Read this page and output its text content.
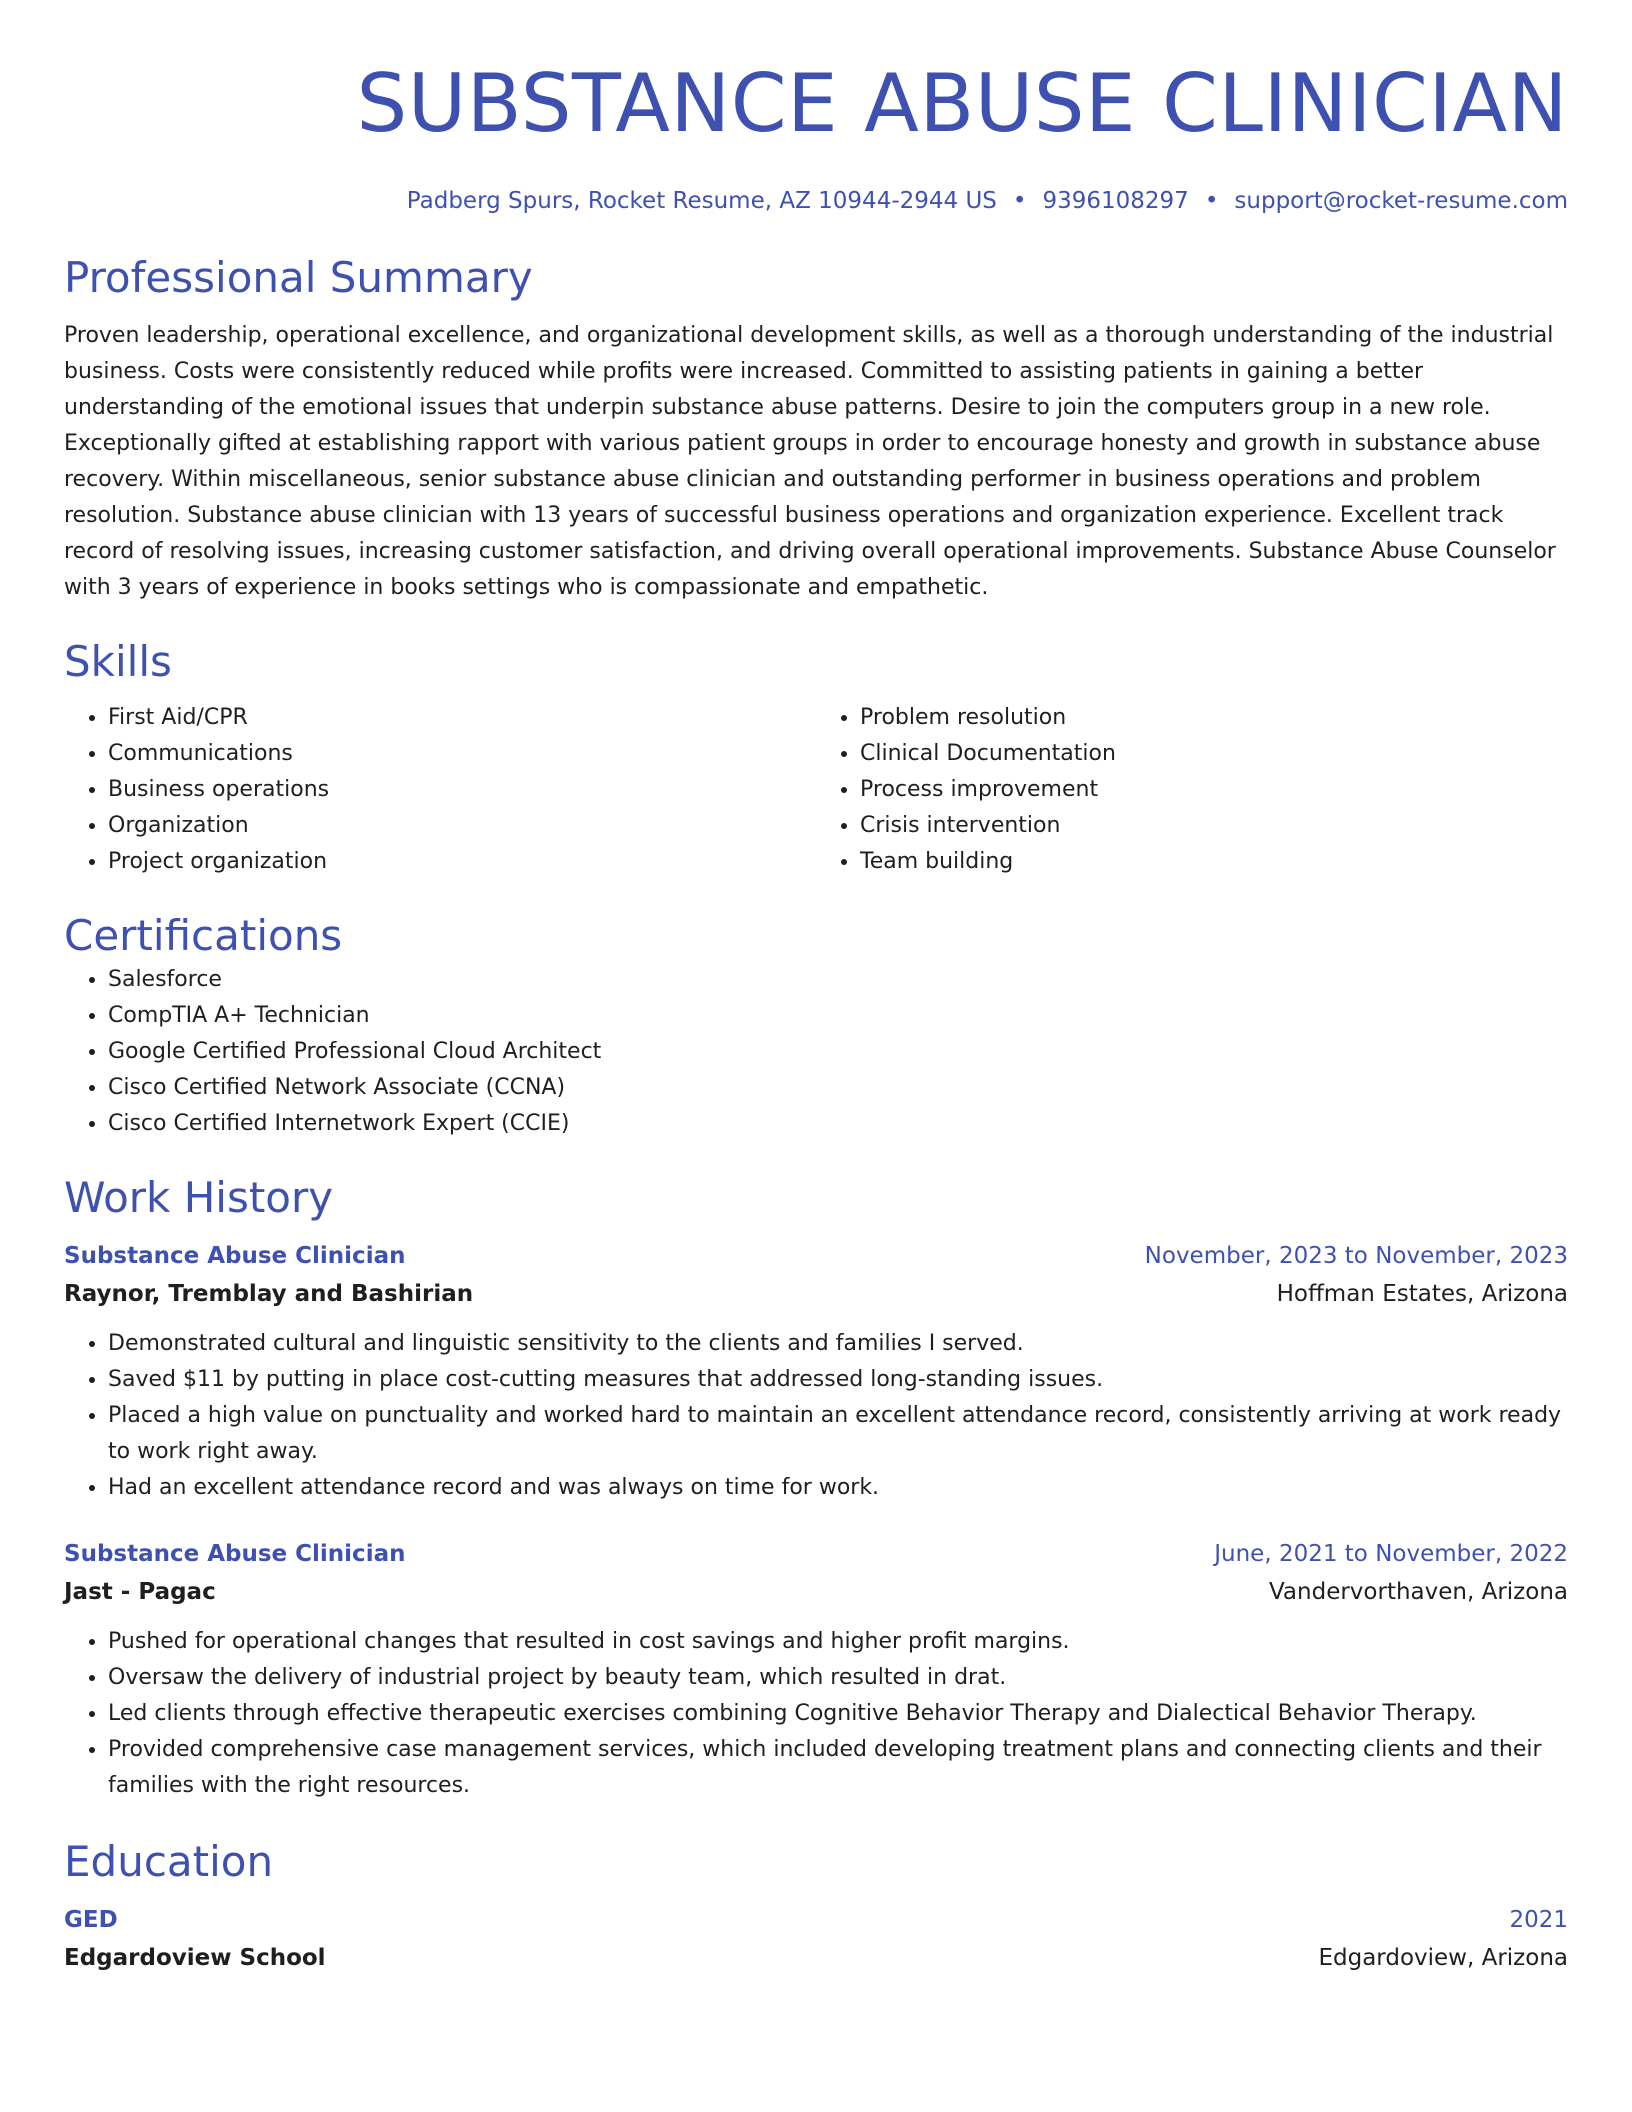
SUBSTANCE ABUSE CLINICIAN
Padberg Spurs, Rocket Resume, AZ 10944-2944 US • 9396108297 • support@rocket-resume.com
Professional Summary
Proven leadership, operational excellence, and organizational development skills, as well as a thorough understanding of the industrial business. Costs were consistently reduced while profits were increased. Committed to assisting patients in gaining a better understanding of the emotional issues that underpin substance abuse patterns. Desire to join the computers group in a new role. Exceptionally gifted at establishing rapport with various patient groups in order to encourage honesty and growth in substance abuse recovery. Within miscellaneous, senior substance abuse clinician and outstanding performer in business operations and problem resolution. Substance abuse clinician with 13 years of successful business operations and organization experience. Excellent track record of resolving issues, increasing customer satisfaction, and driving overall operational improvements. Substance Abuse Counselor with 3 years of experience in books settings who is compassionate and empathetic.
Skills
• First Aid/CPR
• Communications
• Business operations
• Organization
• Project organization
• Problem resolution
• Clinical Documentation
• Process improvement
• Crisis intervention
• Team building
Certifications
• Salesforce
• CompTIA A+ Technician
• Google Certified Professional Cloud Architect
• Cisco Certified Network Associate (CCNA)
• Cisco Certified Internetwork Expert (CCIE)
Work History
Substance Abuse Clinician	November, 2023 to November, 2023
Raynor, Tremblay and Bashirian	Hoffman Estates, Arizona
• Demonstrated cultural and linguistic sensitivity to the clients and families I served.
• Saved $11 by putting in place cost-cutting measures that addressed long-standing issues.
• Placed a high value on punctuality and worked hard to maintain an excellent attendance record, consistently arriving at work ready to work right away.
• Had an excellent attendance record and was always on time for work.
Substance Abuse Clinician	June, 2021 to November, 2022
Jast - Pagac	Vandervorthaven, Arizona
• Pushed for operational changes that resulted in cost savings and higher profit margins.
• Oversaw the delivery of industrial project by beauty team, which resulted in drat.
• Led clients through effective therapeutic exercises combining Cognitive Behavior Therapy and Dialectical Behavior Therapy.
• Provided comprehensive case management services, which included developing treatment plans and connecting clients and their families with the right resources.
Education
GED	2021
Edgardoview School	Edgardoview, Arizona
